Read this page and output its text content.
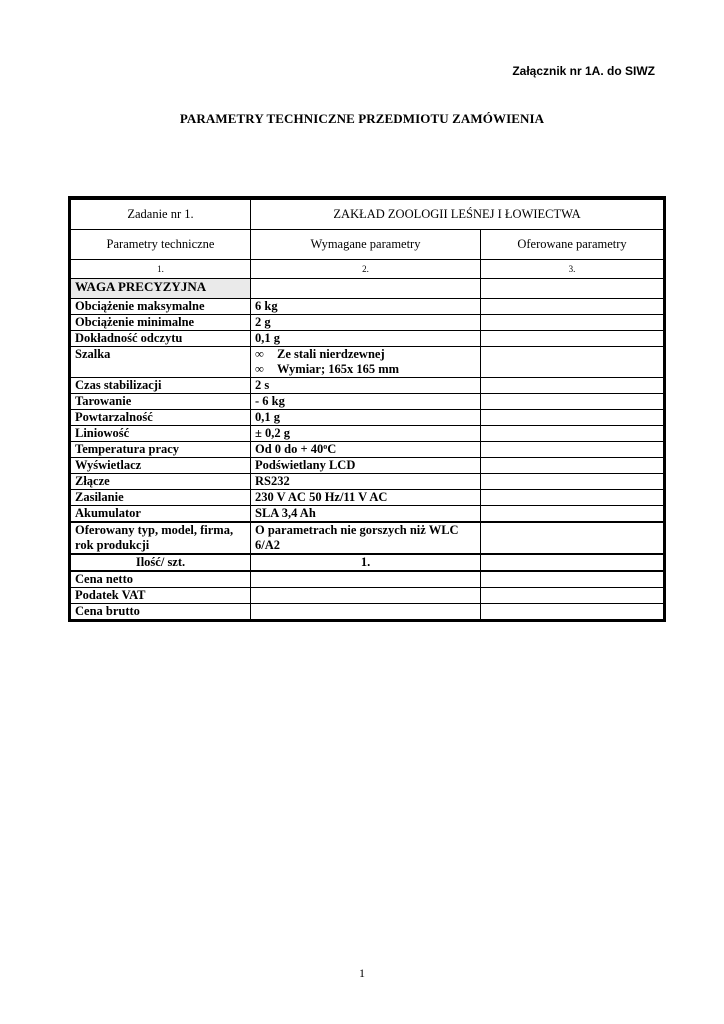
Załącznik nr 1A. do SIWZ
PARAMETRY TECHNICZNE PRZEDMIOTU ZAMÓWIENIA
Zadanie nr 1.	ZAKŁAD ZOOLOGII LEŚNEJ I ŁOWIECTWA	
Parametry techniczne	Wymagane parametry	Oferowane parametry
1.	2.	3.
WAGA PRECYZYJNA		
Obciążenie maksymalne	6 kg	
Obciążenie minimalne	2 g	
Dokładność odczytu	0,1 g	
Szalka	∞ Ze stali nierdzewnej
∞ Wymiar; 165x 165 mm	

Czas stabilizacji	2 s	
Tarowanie	- 6 kg	
Powtarzalność	0,1 g	
Liniowość	± 0,2 g	
Temperatura pracy	Od 0 do + $40^oC$	
Wyświetlacz	Podświetlany LCD	
Złącze	RS232	
Zasilanie	230 V AC 50 Hz/11 V AC	
Akumulator	SLA 3,4 Ah	
Oferowany typ, model, firma, rok produkcji	O parametrach nie gorszych niż WLC 6/A2	
Ilość/ szt.	1.	
Cena netto		
Podatek VAT		
Cena brutto		
1
